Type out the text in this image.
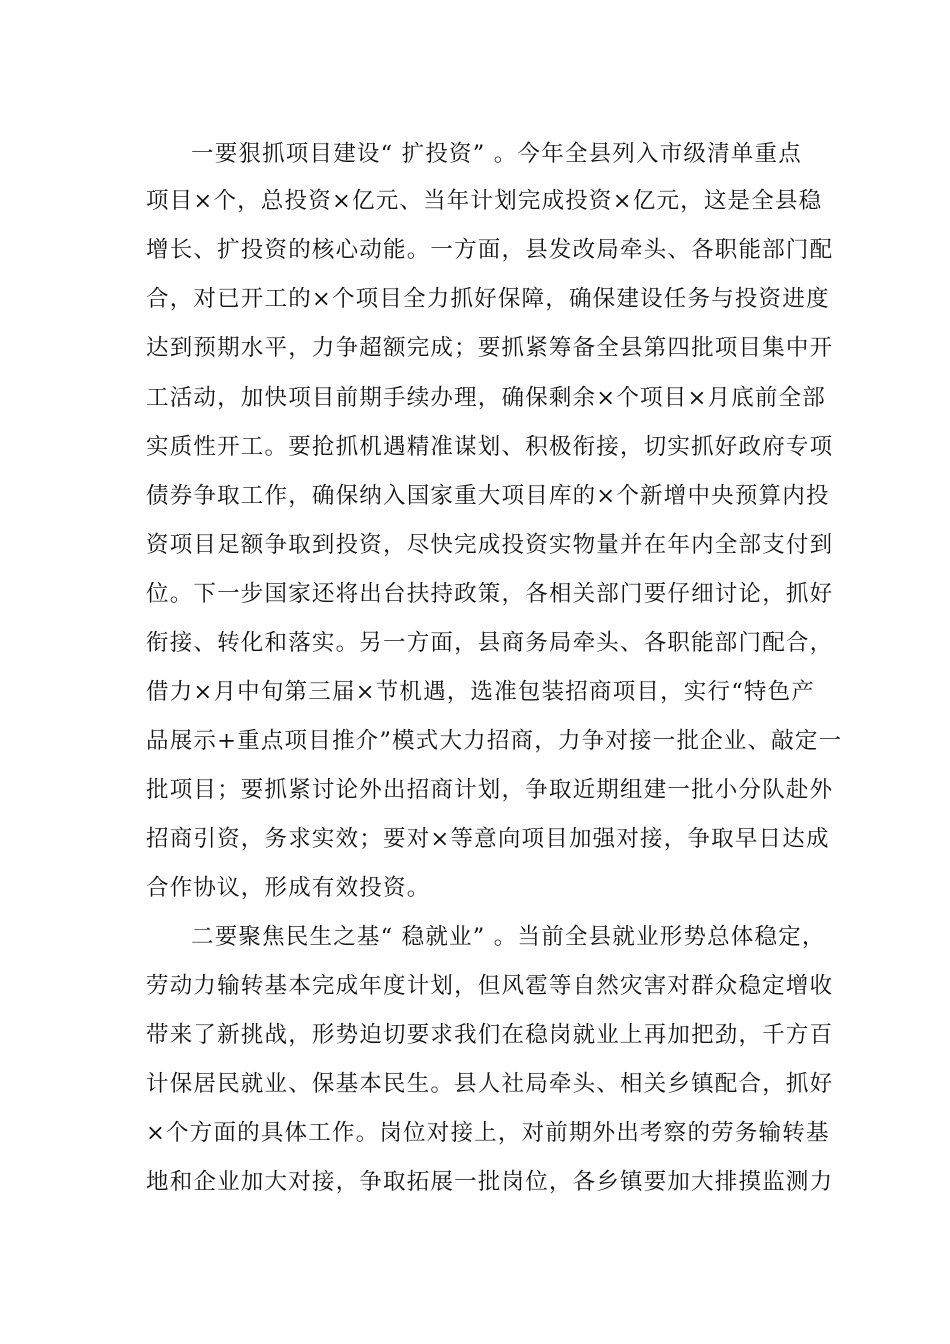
一要狠抓项目建设“ 扩投资” 。今年全县列入市级清单重点

项目×个，总投资×亿元、当年计划完成投资×亿元，这是全县稳

增长、扩投资的核心动能。一方面，县发改局牵头、各职能部门配

合，对已开工的×个项目全力抓好保障，确保建设任务与投资进度

达到预期水平，力争超额完成；要抓紧筹备全县第四批项目集中开

工活动，加快项目前期手续办理，确保剩余×个项目×月底前全部

实质性开工。要抢抓机遇精准谋划、积极衔接，切实抓好政府专项

债券争取工作，确保纳入国家重大项目库的×个新增中央预算内投

资项目足额争取到投资，尽快完成投资实物量并在年内全部支付到

位。下一步国家还将出台扶持政策，各相关部门要仔细讨论，抓好

衔接、转化和落实。另一方面，县商务局牵头、各职能部门配合，

借力×月中旬第三届×节机遇，选准包装招商项目，实行“特色产

品展示+重点项目推介”模式大力招商，力争对接一批企业、敲定一

批项目；要抓紧讨论外出招商计划，争取近期组建一批小分队赴外

招商引资，务求实效；要对×等意向项目加强对接，争取早日达成

合作协议，形成有效投资。

二要聚焦民生之基“ 稳就业” 。当前全县就业形势总体稳定，

劳动力输转基本完成年度计划，但风雹等自然灾害对群众稳定增收

带来了新挑战，形势迫切要求我们在稳岗就业上再加把劲，千方百

计保居民就业、保基本民生。县人社局牵头、相关乡镇配合，抓好

×个方面的具体工作。岗位对接上，对前期外出考察的劳务输转基

地和企业加大对接，争取拓展一批岗位，各乡镇要加大排摸监测力
